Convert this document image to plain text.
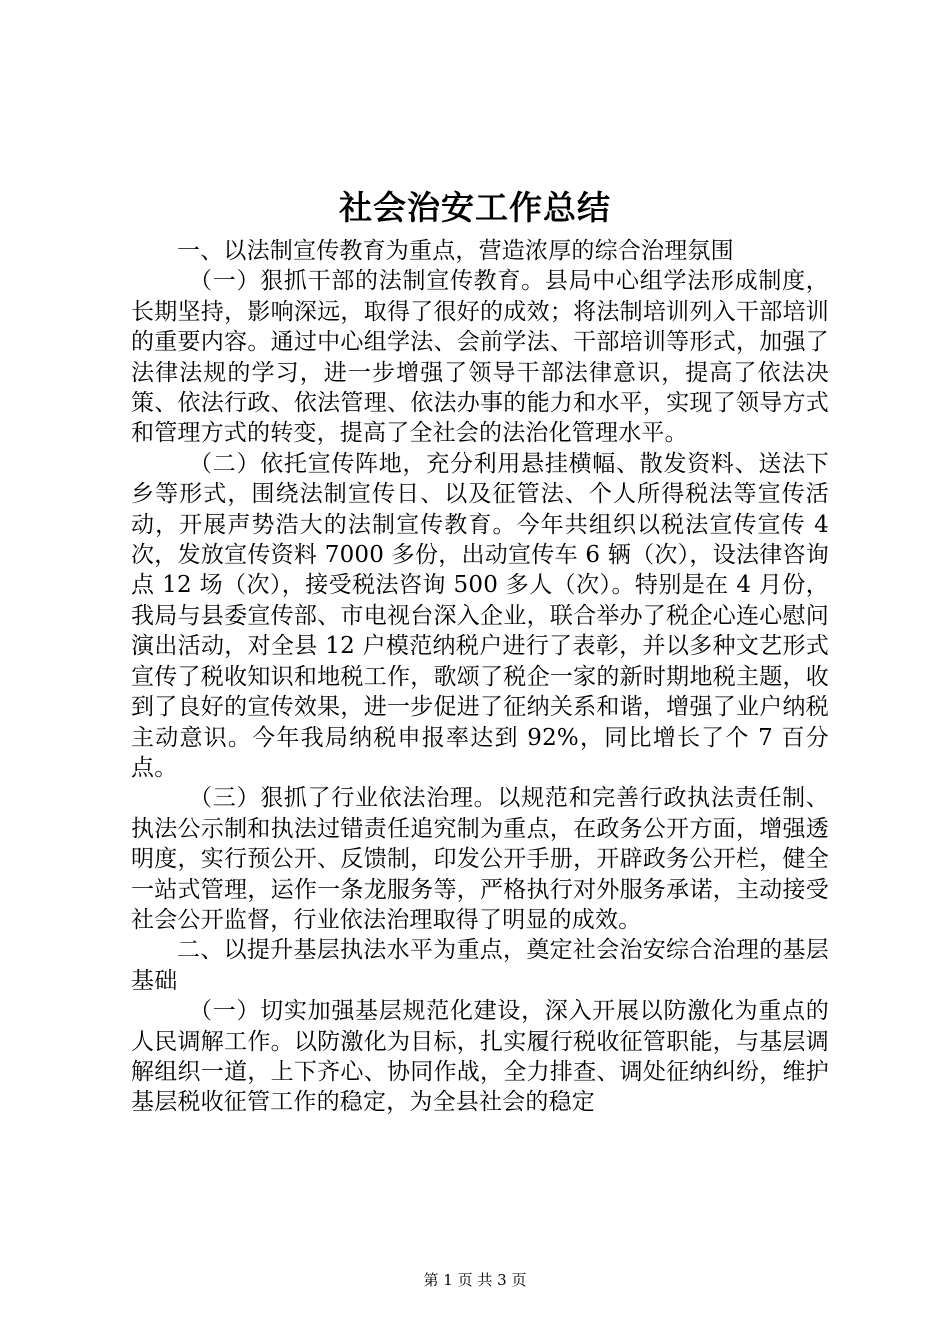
社会治安工作总结

一、以法制宣传教育为重点，营造浓厚的综合治理氛围

（一）狠抓干部的法制宣传教育。县局中心组学法形成制度，长期坚持，影响深远，取得了很好的成效；将法制培训列入干部培训的重要内容。通过中心组学法、会前学法、干部培训等形式，加强了法律法规的学习，进一步增强了领导干部法律意识，提高了依法决策、依法行政、依法管理、依法办事的能力和水平，实现了领导方式和管理方式的转变，提高了全社会的法治化管理水平。

（二）依托宣传阵地，充分利用悬挂横幅、散发资料、送法下乡等形式，围绕法制宣传日、以及征管法、个人所得税法等宣传活动，开展声势浩大的法制宣传教育。今年共组织以税法宣传宣传 4 次，发放宣传资料 7000 多份，出动宣传车 6 辆（次），设法律咨询点 12 场（次），接受税法咨询 500 多人（次）。特别是在 4 月份，我局与县委宣传部、市电视台深入企业，联合举办了税企心连心慰问演出活动，对全县 12 户模范纳税户进行了表彰，并以多种文艺形式宣传了税收知识和地税工作，歌颂了税企一家的新时期地税主题，收到了良好的宣传效果，进一步促进了征纳关系和谐，增强了业户纳税主动意识。今年我局纳税申报率达到 92%，同比增长了个 7 百分点。

（三）狠抓了行业依法治理。以规范和完善行政执法责任制、执法公示制和执法过错责任追究制为重点，在政务公开方面，增强透明度，实行预公开、反馈制，印发公开手册，开辟政务公开栏，健全一站式管理，运作一条龙服务等，严格执行对外服务承诺，主动接受社会公开监督，行业依法治理取得了明显的成效。

二、以提升基层执法水平为重点，奠定社会治安综合治理的基层基础

（一）切实加强基层规范化建设，深入开展以防激化为重点的人民调解工作。以防激化为目标，扎实履行税收征管职能，与基层调解组织一道，上下齐心、协同作战，全力排查、调处征纳纠纷，维护基层税收征管工作的稳定，为全县社会的稳定

第 1 页 共 3 页
